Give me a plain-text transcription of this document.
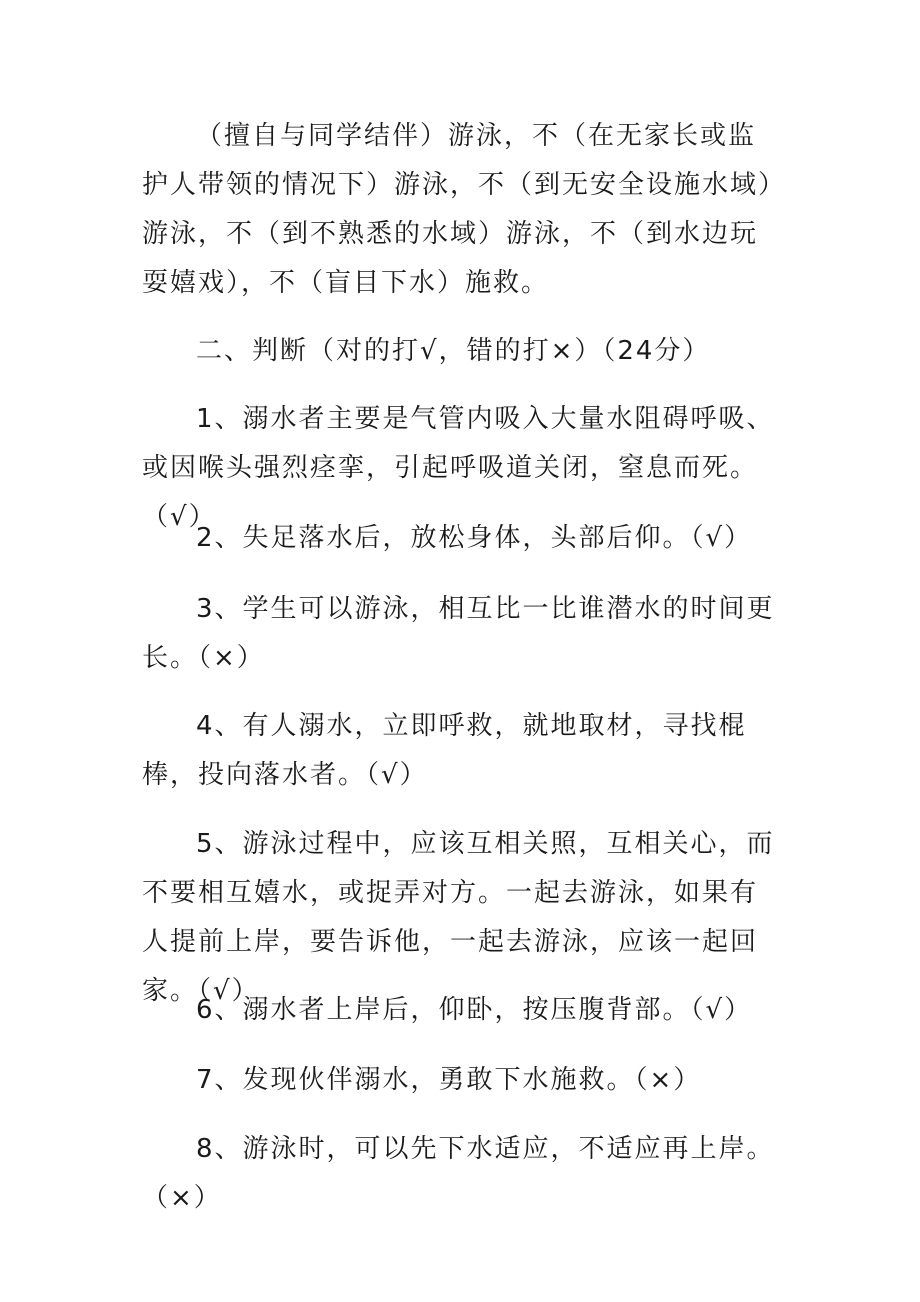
（擅自与同学结伴）游泳，不（在无家长或监护人带领的情况下）游泳，不（到无安全设施水域）游泳，不（到不熟悉的水域）游泳，不（到水边玩耍嬉戏），不（盲目下水）施救。

二、判断（对的打√，错的打×）（24分）

1、溺水者主要是气管内吸入大量水阻碍呼吸、或因喉头强烈痉挛，引起呼吸道关闭，窒息而死。（√）

2、失足落水后，放松身体，头部后仰。（√）

3、学生可以游泳，相互比一比谁潜水的时间更长。（×）

4、有人溺水，立即呼救，就地取材，寻找棍棒，投向落水者。（√）

5、游泳过程中，应该互相关照，互相关心，而不要相互嬉水，或捉弄对方。一起去游泳，如果有人提前上岸，要告诉他，一起去游泳，应该一起回家。（√）

6、溺水者上岸后，仰卧，按压腹背部。（√）

7、发现伙伴溺水，勇敢下水施救。（×）

8、游泳时，可以先下水适应，不适应再上岸。（×）
